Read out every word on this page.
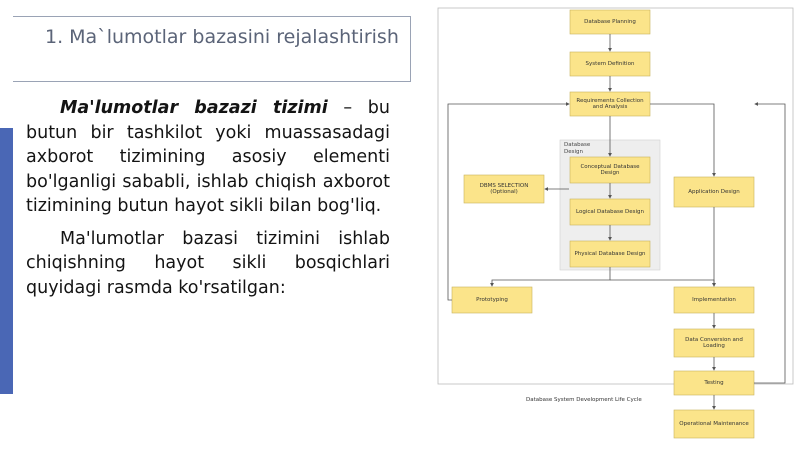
1. Ma`lumotlar bazasini rejalashtirish

Ma'lumotlar bazazi tizimi – bu butun bir tashkilot yoki muassasadagi axborot tizimining asosiy elementi bo'lganligi sababli, ishlab chiqish axborot tizimining butun hayot sikli bilan bog'liq.

Ma'lumotlar bazasi tizimini ishlab chiqishning hayot sikli bosqichlari quyidagi rasmda ko'rsatilgan:

Database Design
Database Planning
System Definition
Requirements Collection and Analysis
Conceptual Database Design
Logical Database Design
Physical Database Design
DBMS SELECTION (Optional)	Application Design
Prototyping	Implementation
Data Conversion and Loading
Testing
Operational Maintenance
Database System Development Life Cycle
